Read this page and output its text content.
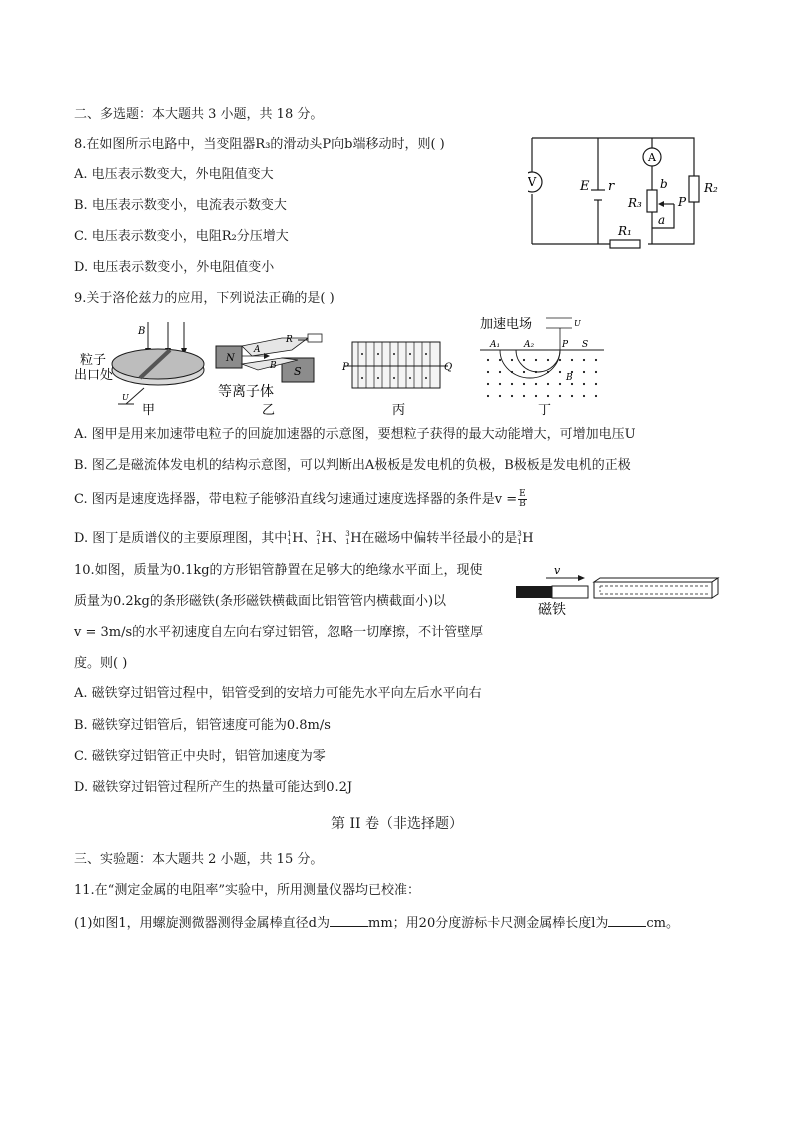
二、多选题：本大题共 3 小题，共 18 分。
8.在如图所示电路中，当变阻器R₃的滑动头P向b端移动时，则( )
A. 电压表示数变大，外电阻值变大
B. 电压表示数变小，电流表示数变大
C. 电压表示数变小，电阻R₂分压增大
D. 电压表示数变小，外电阻值变小
V
A
E r	R₂
R₃
b
a
P
R₁
9.关于洛伦兹力的应用，下列说法正确的是( )
B
粒子
出口处
U
甲
N
S
A
B
R
等离子体
乙
P	Q
丙
加速电场	U
A₁	A₂	P S
B
丁
A. 图甲是用来加速带电粒子的回旋加速器的示意图，要想粒子获得的最大动能增大，可增加电压U
B. 图乙是磁流体发电机的结构示意图，可以判断出A极板是发电机的负极，B极板是发电机的正极
C. 图丙是速度选择器，带电粒子能够沿直线匀速通过速度选择器的条件是$v = \frac{E}{B}$
D. 图丁是质谱仪的主要原理图，其中 1
1 H 、 2
1 H 、 3
1 H 在磁场中偏转半径最小的是 3
1 H
10.如图，质量为0.1kg的方形铝管静置在足够大的绝缘水平面上，现使
质量为0.2kg的条形磁铁(条形磁铁横截面比铝管管内横截面小)以
v = 3m/s的水平初速度自左向右穿过铝管，忽略一切摩擦，不计管壁厚
度。则( )
v
磁铁
A. 磁铁穿过铝管过程中，铝管受到的安培力可能先水平向左后水平向右
B. 磁铁穿过铝管后，铝管速度可能为0.8m/s
C. 磁铁穿过铝管正中央时，铝管加速度为零
D. 磁铁穿过铝管过程所产生的热量可能达到0.2J
第 II 卷（非选择题）
三、实验题：本大题共 2 小题，共 15 分。
11.在“测定金属的电阻率”实验中，所用测量仪器均已校准：
(1)如图1，用螺旋测微器测得金属棒直径d为	mm；用20分度游标卡尺测金属棒长度l为	cm。
